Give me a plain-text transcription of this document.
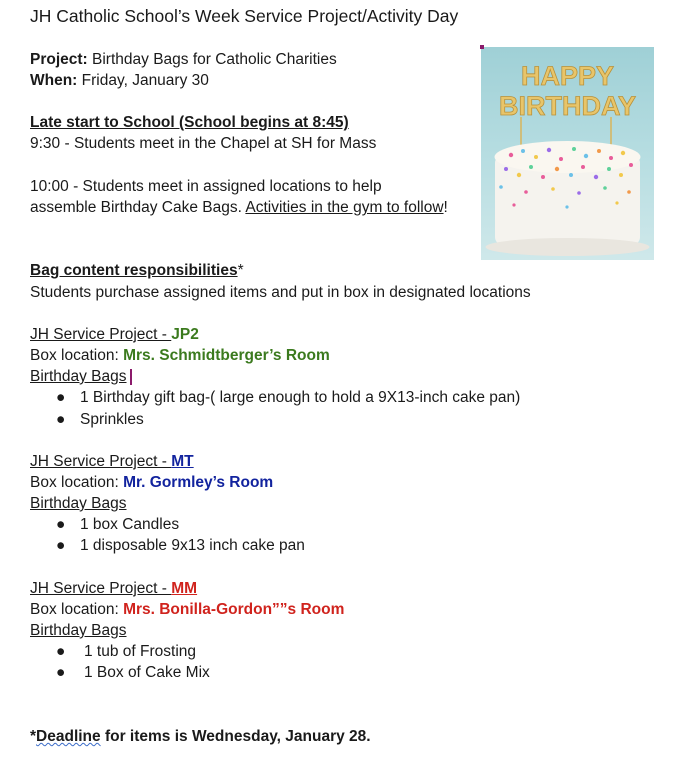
JH Catholic School’s Week Service Project/Activity Day
Project: Birthday Bags for Catholic Charities
When: Friday, January 30
Late start to School (School begins at 8:45)
9:30 - Students meet in the Chapel at SH for Mass
10:00 - Students meet in assigned locations to help
assemble Birthday Cake Bags. Activities in the gym to follow!
HAPPY
BIRTHDAY
Bag content responsibilities*
Students purchase assigned items and put in box in designated locations
JH Service Project - JP2
Box location: Mrs. Schmidtberger’s Room
Birthday Bags
● 1 Birthday gift bag-( large enough to hold a 9X13-inch cake pan)
● Sprinkles
JH Service Project - MT
Box location: Mr. Gormley’s Room
Birthday Bags
● 1 box Candles
● 1 disposable 9x13 inch cake pan
JH Service Project - MM
Box location: Mrs. Bonilla-Gordon””s Room
Birthday Bags
● 1 tub of Frosting
● 1 Box of Cake Mix
*Deadline for items is Wednesday, January 28.
